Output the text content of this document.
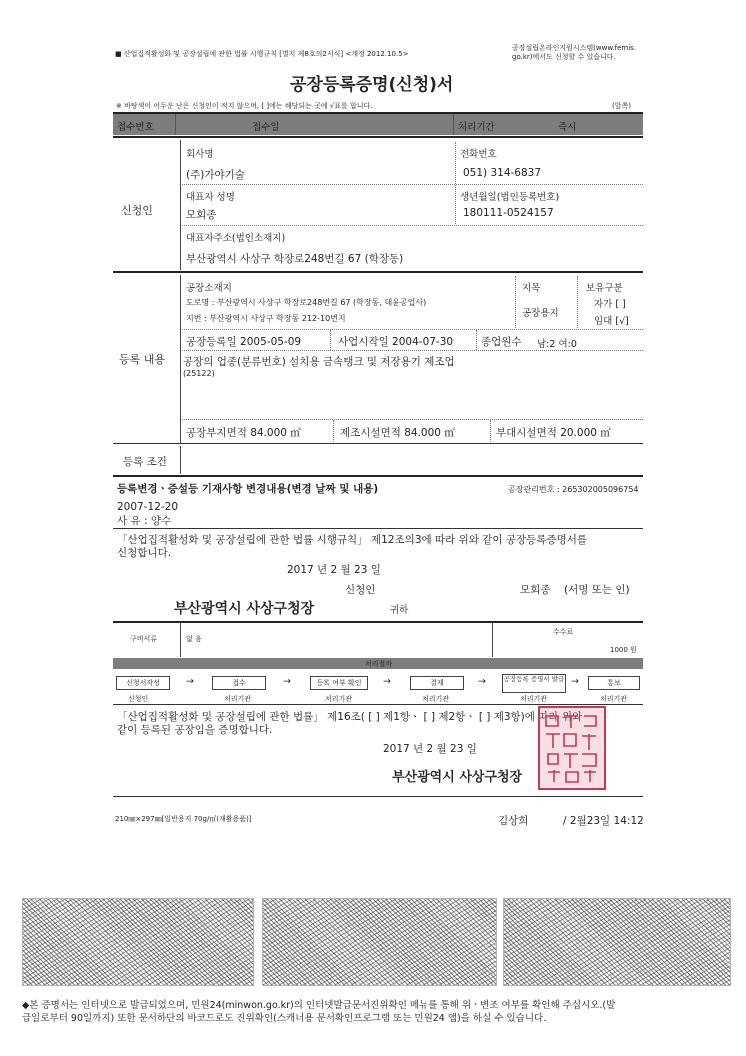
■ 산업집적활성화 및 공장설립에 관한 법률 시행규칙 [별지 제8호의2서식] <개정 2012.10.5>
공장설립온라인지원시스템(www.femis.
go.kr)에서도 신청할 수 있습니다.
공장등록증명(신청)서
※ 바탕색이 어두운 난은 신청인이 적지 않으며, [ ]에는 해당되는 곳에 √표를 합니다.	(앞쪽)
접수번호	접수일	처리기간	즉시
신청인
회사명	전화번호
(주)가야기술	051) 314-6837
대표자 성명	생년월일(법인등록번호)
모회종	180111-0524157
대표자주소(법인소재지)
부산광역시 사상구 학장로248번길 67 (학장동)
등록 내용
공장소재지
도로명 : 부산광역시 사상구 학장로248번길 67 (학장동, 대윤공업사)
지번 : 부산광역시 사상구 학장동 212-10번지
지목
공장용지
보유구분
자가 [ ]
임대 [√]
공장등록일 2005-05-09	사업시작일 2004-07-30	종업원수 남:2 여:0
공장의 업종(분류번호) 설치용 금속탱크 및 저장용기 제조업
(25122)
공장부지면적 84.000 ㎡	제조시설면적 84.000 ㎡	부대시설면적 20.000 ㎡
등록 조건
등록변경ㆍ증설등 기재사항 변경내용(변경 날짜 및 내용)	공장관리번호 : 265302005096754
2007-12-20
사 유 : 양수
「산업집적활성화 및 공장설립에 관한 법률 시행규칙」 제12조의3에 따라 위와 같이 공장등록증명서를
신청합니다.
2017 년 2 월 23 일
신청인	모회종 (서명 또는 인)
부산광역시 사상구청장	귀하
구비서류	없 음
수수료
1000 원
처리절차
신청서작성	접수	등록 여부 확인	결재	공장등록 증명서 발급	통보
→	→	→	→	→
신청인	처리기관	처리기관	처리기관	처리기관	처리기관
「산업집적활성화 및 공장설립에 관한 법률」 제16조( [ ] 제1항ㆍ [ ] 제2항ㆍ [ ] 제3항)에 따라 위와
같이 등록된 공장임을 증명합니다.
2017 년 2 월 23 일
부산광역시 사상구청장
210㎜×297㎜[일반용지 70g/㎡(재활용품)]	김상희	/ 2월23일 14:12
◆본 증명서는 인터넷으로 발급되었으며, 민원24(minwon.go.kr)의 인터넷발급문서진위확인 메뉴를 통해 위ㆍ변조 여부를 확인해 주십시오.(발
급일로부터 90일까지) 또한 문서하단의 바코드로도 진위확인(스캐너용 문서확인프로그램 또는 민원24 앱)을 하실 수 있습니다.
